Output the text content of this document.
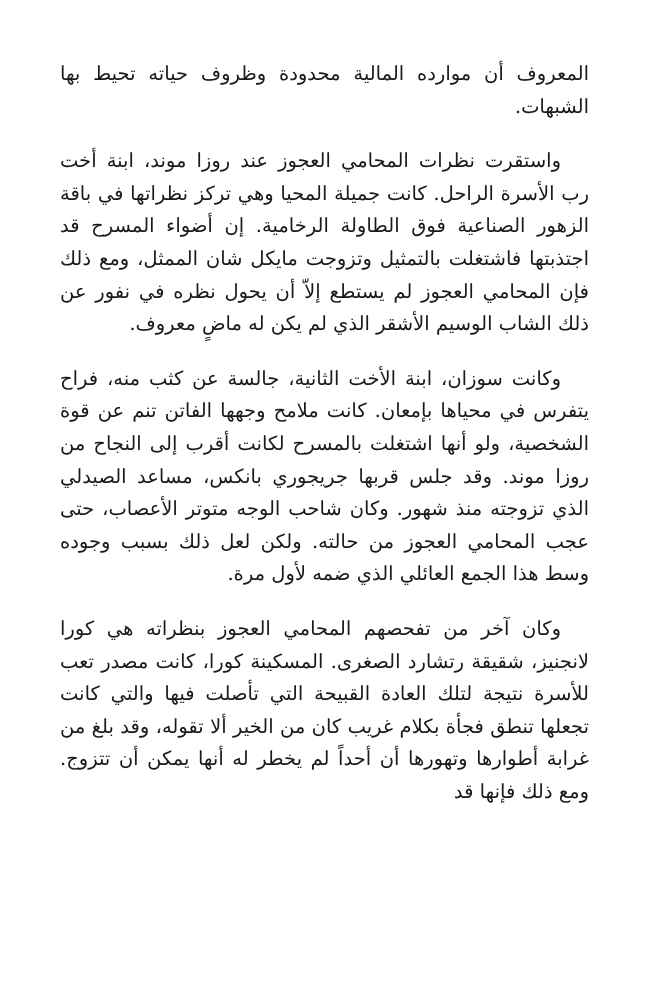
المعروف أن موارده المالية محدودة وظروف حياته تحيط بها الشبهات.

واستقرت نظرات المحامي العجوز عند روزا موند، ابنة أخت رب الأسرة الراحل. كانت جميلة المحيا وهي تركز نظراتها في باقة الزهور الصناعية فوق الطاولة الرخامية. إن أضواء المسرح قد اجتذبتها فاشتغلت بالتمثيل وتزوجت مايكل شان الممثل، ومع ذلك فإن المحامي العجوز لم يستطع إلاّ أن يحول نظره في نفور عن ذلك الشاب الوسيم الأشقر الذي لم يكن له ماضٍ معروف.

وكانت سوزان، ابنة الأخت الثانية، جالسة عن كثب منه، فراح يتفرس في محياها بإمعان. كانت ملامح وجهها الفاتن تنم عن قوة الشخصية، ولو أنها اشتغلت بالمسرح لكانت أقرب إلى النجاح من روزا موند. وقد جلس قربها جريجوري بانكس، مساعد الصيدلي الذي تزوجته منذ شهور. وكان شاحب الوجه متوتر الأعصاب، حتى عجب المحامي العجوز من حالته. ولكن لعل ذلك بسبب وجوده وسط هذا الجمع العائلي الذي ضمه لأول مرة.

وكان آخر من تفحصهم المحامي العجوز بنظراته هي كورا لانجنيز، شقيقة رتشارد الصغرى. المسكينة كورا، كانت مصدر تعب للأسرة نتيجة لتلك العادة القبيحة التي تأصلت فيها والتي كانت تجعلها تنطق فجأة بكلام غريب كان من الخير ألا تقوله، وقد بلغ من غرابة أطوارها وتهورها أن أحداً لم يخطر له أنها يمكن أن تتزوج. ومع ذلك فإنها قد
